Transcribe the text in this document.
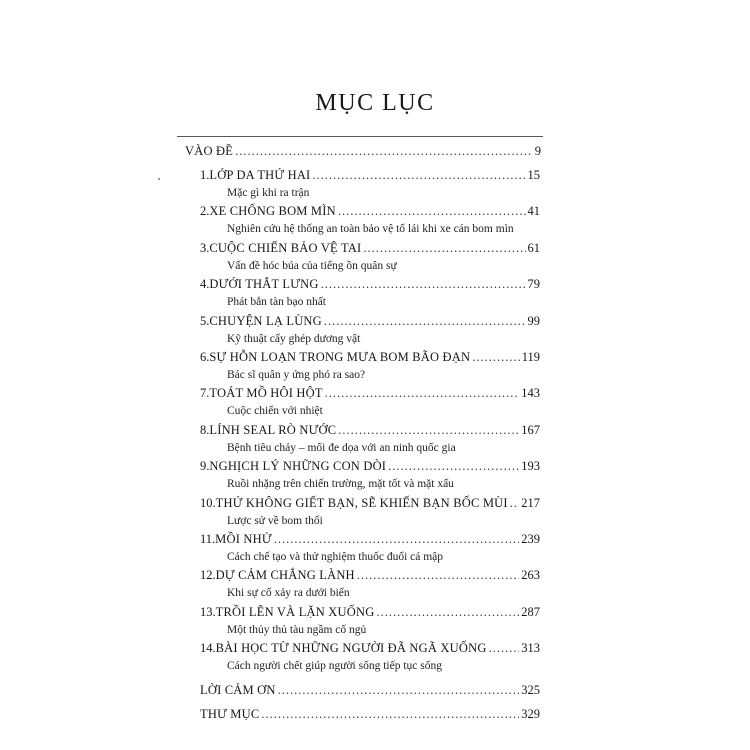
MỤC LỤC
VÀO ĐỀ .....	9
1. LỚP DA THỨ HAI .....	15
Mặc gì khi ra trận
2. XE CHỐNG BOM MÌN .....	41
Nghiên cứu hệ thống an toàn bảo vệ tổ lái khi xe cán bom mìn
3. CUỘC CHIẾN BẢO VỆ TAI .....	61
Vấn đề hóc búa của tiếng ồn quân sự
4. DƯỚI THẮT LƯNG .....	79
Phát bắn tàn bạo nhất
5. CHUYỆN LẠ LÙNG .....	99
Kỹ thuật cấy ghép dương vật
6. SỰ HỖN LOẠN TRONG MƯA BOM BÃO ĐẠN .....	119
Bác sĩ quân y ứng phó ra sao?
7. TOÁT MỒ HÔI HỘT .....	143
Cuộc chiến với nhiệt
8. LÍNH SEAL RÒ NƯỚC .....	167
Bệnh tiêu chảy – mối đe dọa với an ninh quốc gia
9. NGHỊCH LÝ NHỮNG CON DÒI .....	193
Ruồi nhặng trên chiến trường, mặt tốt và mặt xấu
10. THỨ KHÔNG GIẾT BẠN, SẼ KHIẾN BẠN BỐC MÙI ..... 217
Lược sử về bom thối
11. MỒI NHỬ .....	239
Cách chế tạo và thử nghiệm thuốc đuổi cá mập
12. DỰ CẢM CHẲNG LÀNH .....	263
Khi sự cố xảy ra dưới biển
13. TRỒI LÊN VÀ LẶN XUỐNG .....	287
Một thủy thủ tàu ngầm cố ngủ
14. BÀI HỌC TỪ NHỮNG NGƯỜI ĐÃ NGÃ XUỐNG .....	313
Cách người chết giúp người sống tiếp tục sống
LỜI CẢM ƠN .....	325
THƯ MỤC .....	329
